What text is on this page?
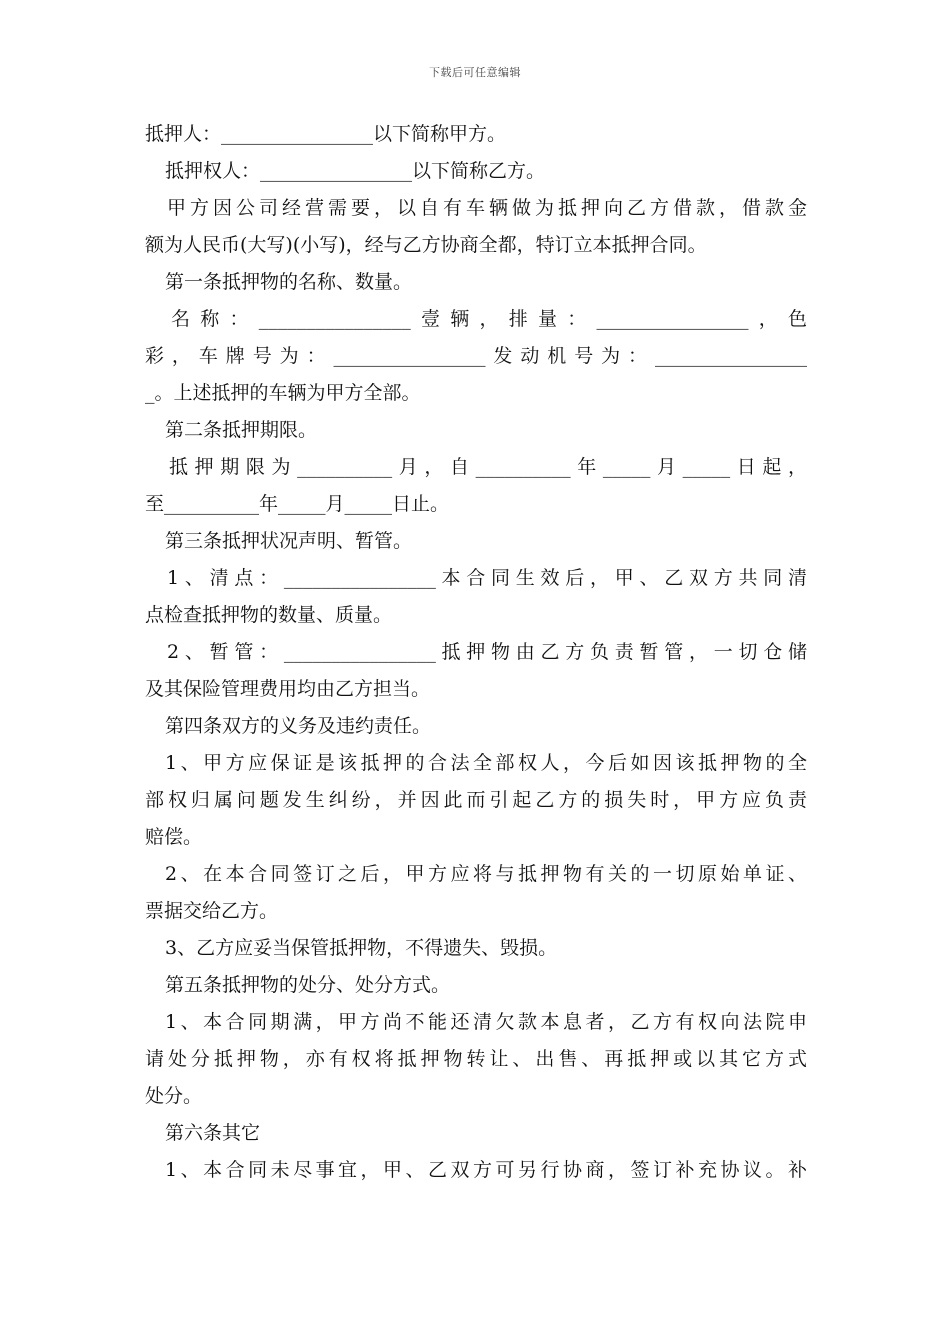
下载后可任意编辑
抵押人：________________以下简称甲方。
抵押权人：________________以下简称乙方。
甲方因公司经营需要，以自有车辆做为抵押向乙方借款，借款金
额为人民币(大写)(小写)，经与乙方协商全都，特订立本抵押合同。
第一条抵押物的名称、数量。
名称：________________壹辆，排量：________________，色
彩，车牌号为：________________发动机号为：________________
_。上述抵押的车辆为甲方全部。
第二条抵押期限。
抵押期限为__________月，自__________年_____月_____日起，
至__________年_____月_____日止。
第三条抵押状况声明、暂管。
1、清点：________________本合同生效后，甲、乙双方共同清
点检查抵押物的数量、质量。
2、暂管：________________抵押物由乙方负责暂管，一切仓储
及其保险管理费用均由乙方担当。
第四条双方的义务及违约责任。
1、甲方应保证是该抵押的合法全部权人，今后如因该抵押物的全
部权归属问题发生纠纷，并因此而引起乙方的损失时，甲方应负责
赔偿。
2、在本合同签订之后，甲方应将与抵押物有关的一切原始单证、
票据交给乙方。
3、乙方应妥当保管抵押物，不得遗失、毁损。
第五条抵押物的处分、处分方式。
1、本合同期满，甲方尚不能还清欠款本息者，乙方有权向法院申
请处分抵押物，亦有权将抵押物转让、出售、再抵押或以其它方式
处分。
第六条其它
1、本合同未尽事宜，甲、乙双方可另行协商，签订补充协议。补
